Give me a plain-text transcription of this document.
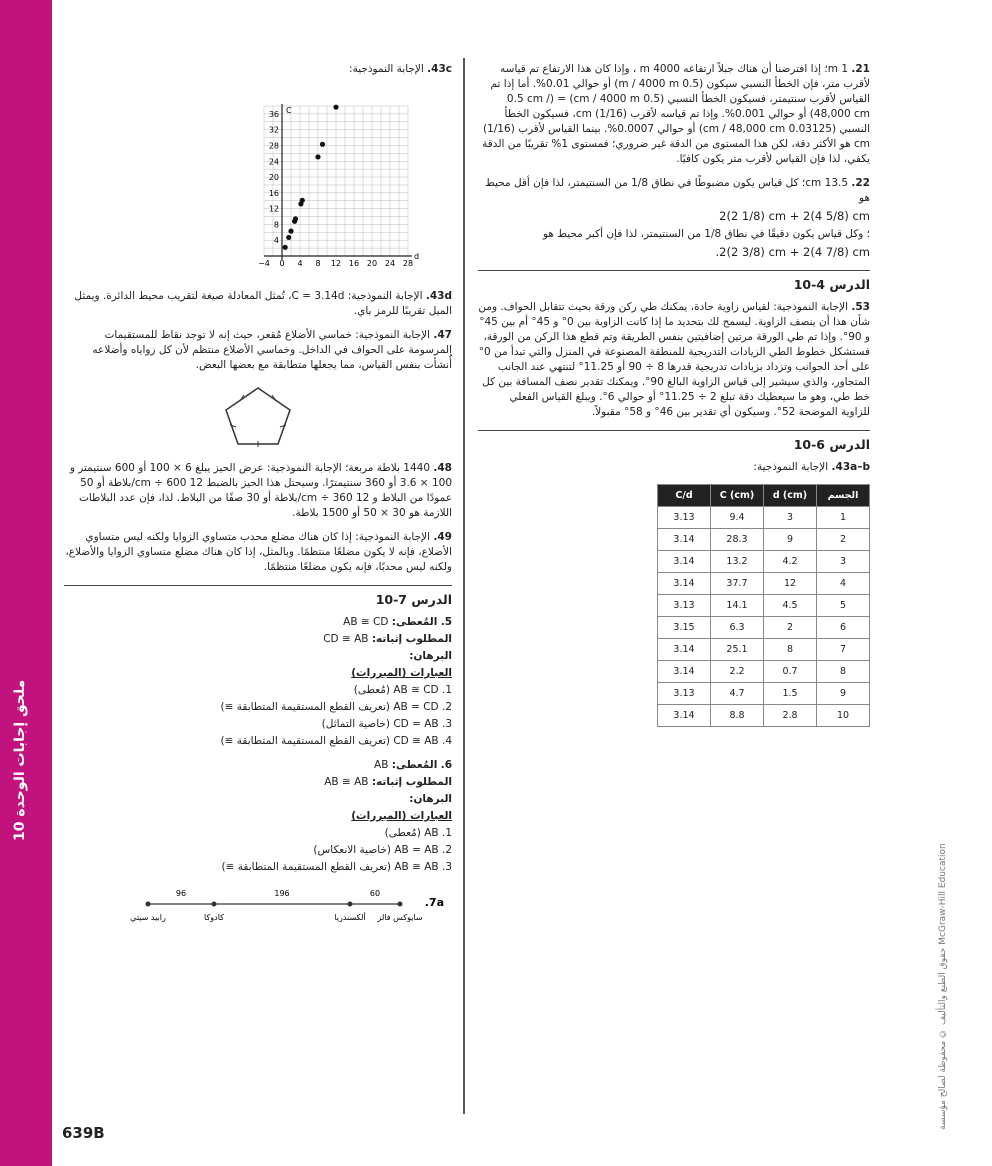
ملحق إجابات الوحدة 10
حقوق الطبع والتأليف © محفوظة لصالح مؤسسة McGraw-Hill Education
639B
21. 1 m؛ إذا افترضنا أن هناك جبلاً ارتفاعه 4000 m ، وإذا كان هذا الارتفاع تم قياسه لأقرب متر، فإن الخطأ النسبي سيكون (0.5 m / 4000 m) أو حوالي 0.01%. أما إذا تم القياس لأقرب سنتيمتر، فسيكون الخطأ النسبي (0.5 cm / 4000 m) = (0.5 cm / 48,000 cm) أو حوالي 0.001%. وإذا تم قياسه لأقرب (1/16) cm، فسيكون الخطأ النسبي (0.03125 cm / 48,000 cm) أو حوالي 0.0007%. بينما القياس لأقرب (1/16) cm هو الأكثر دقة، لكن هذا المستوى من الدقة غير ضروري؛ فمستوى 1% تقريبًا من الدقة يكفي، لذا فإن القياس لأقرب متر يكون كافيًا.
22. 13.5 cm؛ كل قياس يكون مضبوطًا في نطاق 1/8 من السنتيمتر، لذا فإن أقل محيط هو
2(2 1/8) cm + 2(4 5/8) cm
؛ وكل قياس يكون دقيقًا في نطاق 1/8 من السنتيمتر، لذا فإن أكبر محيط هو
.2(2 3/8) cm + 2(4 7/8) cm
الدرس 4-10
53. الإجابة النموذجية: لقياس زاوية حادة، يمكنك طي ركن ورقة بحيث تتقابل الحواف. ومن شأن هذا أن ينصف الزاوية. ليسمح لك بتحديد ما إذا كانت الزاوية بين 0° و 45° أم بين 45° و 90°. وإذا تم طي الورقة مرتين إضافيتين بنفس الطريقة وتم قطع هذا الركن من الورقة، فستشكل خطوط الطي الزيادات التدريجية للمنطقة المصنوعة في المنزل والتي تبدأ من 0° على أحد الجوانب وتزداد بزيادات تدريجية قدرها 8 ÷ 90 أو 11.25° لتنتهي عند الجانب المتجاور، والذي سيشير إلى قياس الزاوية البالغ 90°. ويمكنك تقدير نصف المسافة بين كل خط طي، وهو ما سيعطيك دقة تبلغ 2 ÷ 11.25° أو حوالي 6°. ويبلغ القياس الفعلي للزاوية الموضحة 52°. وسيكون أي تقدير بين 46° و 58° مقبولاً.
الدرس 6-10
43a–b. الإجابة النموذجية:
C/d	C (cm)	d (cm)	الجسم
3.13	9.4	3	1
3.14	28.3	9	2
3.14	13.2	4.2	3
3.14	37.7	12	4
3.13	14.1	4.5	5
3.15	6.3	2	6
3.14	25.1	8	7
3.14	2.2	0.7	8
3.13	4.7	1.5	9
3.14	8.8	2.8	10
43c. الإجابة النموذجية:
36
32
28
24
20
16
12
8
4
−4 0 4 8 12 16 20 24 28
d
C
43d. الإجابة النموذجية: C = 3.14d، تُمثل المعادلة صيغة لتقريب محيط الدائرة. ويمثل الميل تقريبًا للرمز باي.
47. الإجابة النموذجية: خماسي الأضلاع مُقعر، حيث إنه لا توجد نقاط للمستقيمات المرسومة على الحواف في الداخل. وخماسي الأضلاع منتظم لأن كل زواياه وأضلاعه أُنشأت بنفس القياس، مما يجعلها متطابقة مع بعضها البعض.
48. 1440 بلاطة مربعة؛ الإجابة النموذجية: عرض الحيز يبلغ 6 × 100 أو 600 سنتيمتر و 100 × 3.6 أو 360 سنتيمترًا. وسيحتل هذا الحيز بالضبط 12 cm ÷ 600/بلاطة أو 50 عمودًا من البلاط و 12 cm ÷ 360/بلاطة أو 30 صفًا من البلاط. لذا، فإن عدد البلاطات اللازمة هو 30 × 50 أو 1500 بلاطة.
49. الإجابة النموذجية: إذا كان هناك مضلع محدب متساوي الزوايا ولكنه ليس متساوي الأضلاع، فإنه لا يكون مضلعًا منتظمًا. وبالمثل، إذا كان هناك مضلع متساوي الزوايا والأضلاع، ولكنه ليس محدبًا، فإنه يكون مضلعًا منتظمًا.
الدرس 7-10
5. المُعطى: AB ≅ CD
المطلوب إثباته: CD ≅ AB
البرهان:
العبارات (المبررات)
1. AB ≅ CD (مُعطى)
2. AB = CD (تعريف القطع المستقيمة المتطابقة ≅)
3. CD = AB (خاصية التماثل)
4. CD ≅ AB (تعريف القطع المستقيمة المتطابقة ≅)
6. المُعطى: AB
المطلوب إثباته: AB ≅ AB
البرهان:
العبارات (المبررات)
1. AB (مُعطى)
2. AB = AB (خاصية الانعكاس)
3. AB ≅ AB (تعريف القطع المستقيمة المتطابقة ≅)
.7a
96	196	60
رابيد سيتي	كادوكا	ألكسندريا سايوكس فالز
